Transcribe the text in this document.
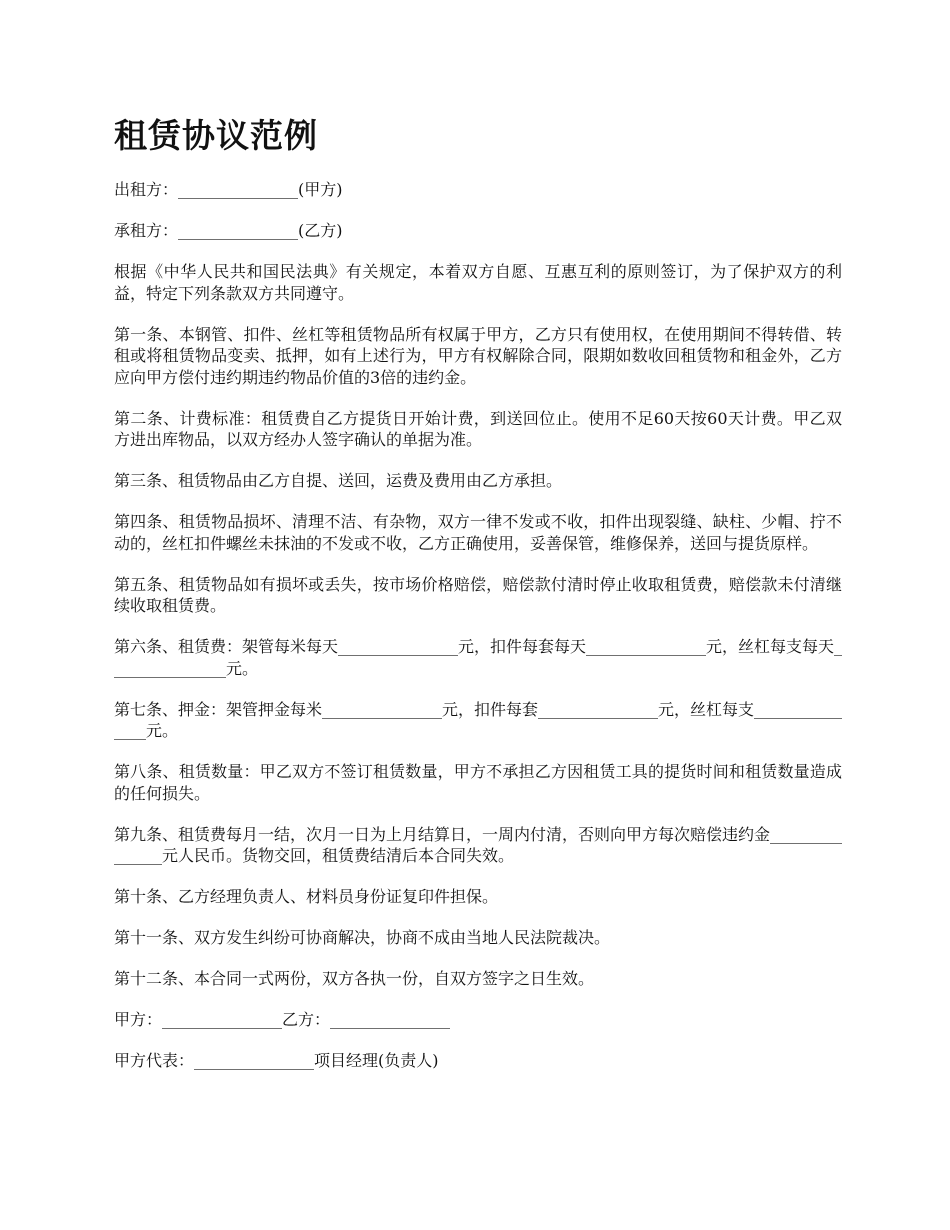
租赁协议范例

出租方：_______________(甲方)

承租方：_______________(乙方)

根据《中华人民共和国民法典》有关规定，本着双方自愿、互惠互利的原则签订，为了保护双方的利益，特定下列条款双方共同遵守。

第一条、本钢管、扣件、丝杠等租赁物品所有权属于甲方，乙方只有使用权，在使用期间不得转借、转租或将租赁物品变卖、抵押，如有上述行为，甲方有权解除合同，限期如数收回租赁物和租金外，乙方应向甲方偿付违约期违约物品价值的3倍的违约金。

第二条、计费标准：租赁费自乙方提货日开始计费，到送回位止。使用不足60天按60天计费。甲乙双方进出库物品，以双方经办人签字确认的单据为准。

第三条、租赁物品由乙方自提、送回，运费及费用由乙方承担。

第四条、租赁物品损坏、清理不洁、有杂物，双方一律不发或不收，扣件出现裂缝、缺柱、少帽、拧不动的，丝杠扣件螺丝未抹油的不发或不收，乙方正确使用，妥善保管，维修保养，送回与提货原样。

第五条、租赁物品如有损坏或丢失，按市场价格赔偿，赔偿款付清时停止收取租赁费，赔偿款未付清继续收取租赁费。

第六条、租赁费：架管每米每天_______________元，扣件每套每天_______________元，丝杠每支每天_______________元。

第七条、押金：架管押金每米_______________元，扣件每套_______________元，丝杠每支_______________元。

第八条、租赁数量：甲乙双方不签订租赁数量，甲方不承担乙方因租赁工具的提货时间和租赁数量造成的任何损失。

第九条、租赁费每月一结，次月一日为上月结算日，一周内付清，否则向甲方每次赔偿违约金_______________元人民币。货物交回，租赁费结清后本合同失效。

第十条、乙方经理负责人、材料员身份证复印件担保。

第十一条、双方发生纠纷可协商解决，协商不成由当地人民法院裁决。

第十二条、本合同一式两份，双方各执一份，自双方签字之日生效。

甲方：_______________乙方：_______________

甲方代表：_______________项目经理(负责人)
